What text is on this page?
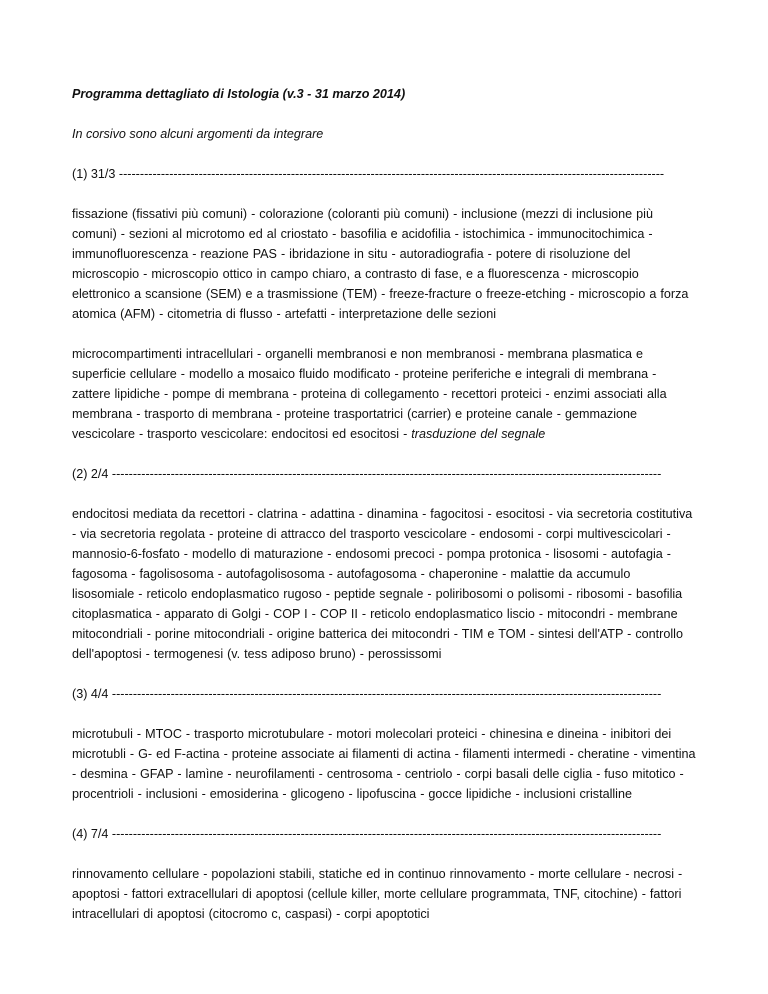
Programma dettagliato di Istologia (v.3 - 31 marzo 2014)

In corsivo sono alcuni argomenti da integrare

(1) 31/3 ----------------------------------------------------------------------------------------------------------------------------------

fissazione (fissativi più comuni) - colorazione (coloranti più comuni) - inclusione (mezzi di inclusione più comuni) - sezioni al microtomo ed al criostato - basofilia e acidofilia - istochimica - immunocitochimica - immunofluorescenza - reazione PAS - ibridazione in situ - autoradiografia - potere di risoluzione del microscopio - microscopio ottico in campo chiaro, a contrasto di fase, e a fluorescenza - microscopio elettronico a scansione (SEM) e a trasmissione (TEM) - freeze-fracture o freeze-etching - microscopio a forza atomica (AFM) - citometria di flusso - artefatti - interpretazione delle sezioni

microcompartimenti intracellulari - organelli membranosi e non membranosi - membrana plasmatica e superficie cellulare - modello a mosaico fluido modificato - proteine periferiche e integrali di membrana - zattere lipidiche - pompe di membrana - proteina di collegamento - recettori proteici - enzimi associati alla membrana - trasporto di membrana - proteine trasportatrici (carrier) e proteine canale - gemmazione vescicolare - trasporto vescicolare: endocitosi ed esocitosi - trasduzione del segnale

(2) 2/4 -----------------------------------------------------------------------------------------------------------------------------------

endocitosi mediata da recettori - clatrina - adattina - dinamina - fagocitosi - esocitosi - via secretoria costitutiva - via secretoria regolata - proteine di attracco del trasporto vescicolare - endosomi - corpi multivescicolari - mannosio-6-fosfato - modello di maturazione - endosomi precoci - pompa protonica - lisosomi - autofagia - fagosoma - fagolisosoma - autofagolisosoma - autofagosoma - chaperonine - malattie da accumulo lisosomiale - reticolo endoplasmatico rugoso - peptide segnale - poliribosomi o polisomi - ribosomi - basofilia citoplasmatica - apparato di Golgi - COP I - COP II - reticolo endoplasmatico liscio - mitocondri - membrane mitocondriali - porine mitocondriali - origine batterica dei mitocondri - TIM e TOM - sintesi dell'ATP - controllo dell'apoptosi - termogenesi (v. tess adiposo bruno) - perossissomi

(3) 4/4 -----------------------------------------------------------------------------------------------------------------------------------

microtubuli - MTOC - trasporto microtubulare - motori molecolari proteici - chinesina e dineina - inibitori dei microtubli - G- ed F-actina - proteine associate ai filamenti di actina - filamenti intermedi - cheratine - vimentina - desmina - GFAP - lamìne - neurofilamenti - centrosoma - centriolo - corpi basali delle ciglia - fuso mitotico - procentrioli - inclusioni - emosiderina - glicogeno - lipofuscina - gocce lipidiche - inclusioni cristalline

(4) 7/4 -----------------------------------------------------------------------------------------------------------------------------------

rinnovamento cellulare - popolazioni stabili, statiche ed in continuo rinnovamento - morte cellulare - necrosi - apoptosi - fattori extracellulari di apoptosi (cellule killer, morte cellulare programmata, TNF, citochine) - fattori intracellulari di apoptosi (citocromo c, caspasi) - corpi apoptotici
